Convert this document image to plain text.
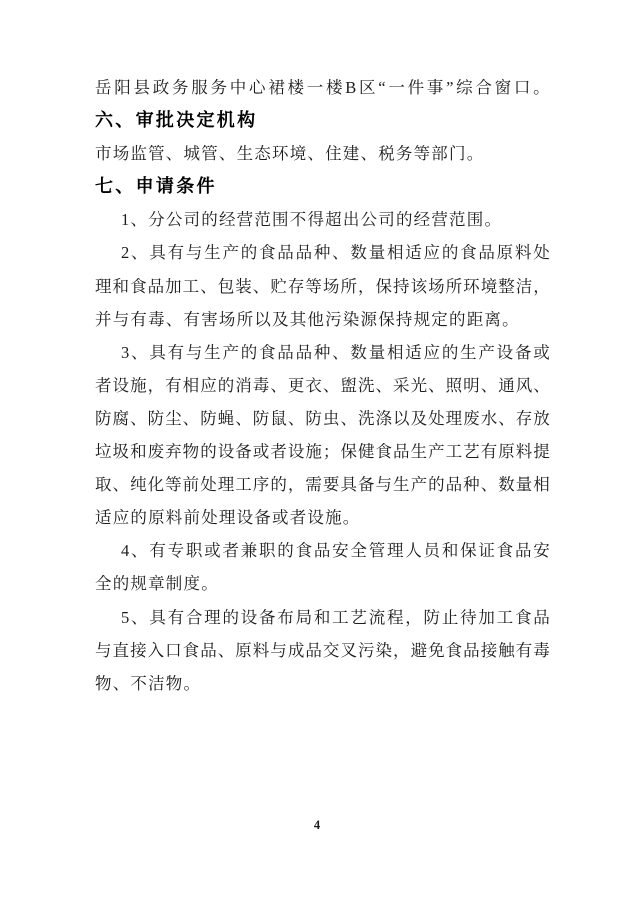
岳 阳 县 政 务 服 务 中 心 裙 楼 一 楼 B 区 “ 一 件 事 ” 综 合 窗 口 。
六、审批决定机构
市场监管、城管、生态环境、住建、税务等部门。
七、申请条件
1、分公司的经营范围不得超出公司的经营范围。
2 、 具 有 与 生 产 的 食 品 品 种 、 数 量 相 适 应 的 食 品 原 料 处
理 和 食 品 加 工 、 包 装 、 贮 存 等 场 所 ， 保 持 该 场 所 环 境 整 洁 ，
并与有毒、有害场所以及其他污染源保持规定的距离。
3 、 具 有 与 生 产 的 食 品 品 种 、 数 量 相 适 应 的 生 产 设 备 或
者 设 施 ， 有 相 应 的 消 毒 、 更 衣 、 盥 洗 、 采 光 、 照 明 、 通 风 、
防 腐 、 防 尘 、 防 蝇 、 防 鼠 、 防 虫 、 洗 涤 以 及 处 理 废 水 、 存 放
垃 圾 和 废 弃 物 的 设 备 或 者 设 施 ； 保 健 食 品 生 产 工 艺 有 原 料 提
取 、 纯 化 等 前 处 理 工 序 的 ， 需 要 具 备 与 生 产 的 品 种 、 数 量 相
适应的原料前处理设备或者设施。
4 、 有 专 职 或 者 兼 职 的 食 品 安 全 管 理 人 员 和 保 证 食 品 安
全的规章制度。
5 、 具 有 合 理 的 设 备 布 局 和 工 艺 流 程 ， 防 止 待 加 工 食 品
与 直 接 入 口 食 品 、 原 料 与 成 品 交 叉 污 染 ， 避 免 食 品 接 触 有 毒
物、不洁物。
4
